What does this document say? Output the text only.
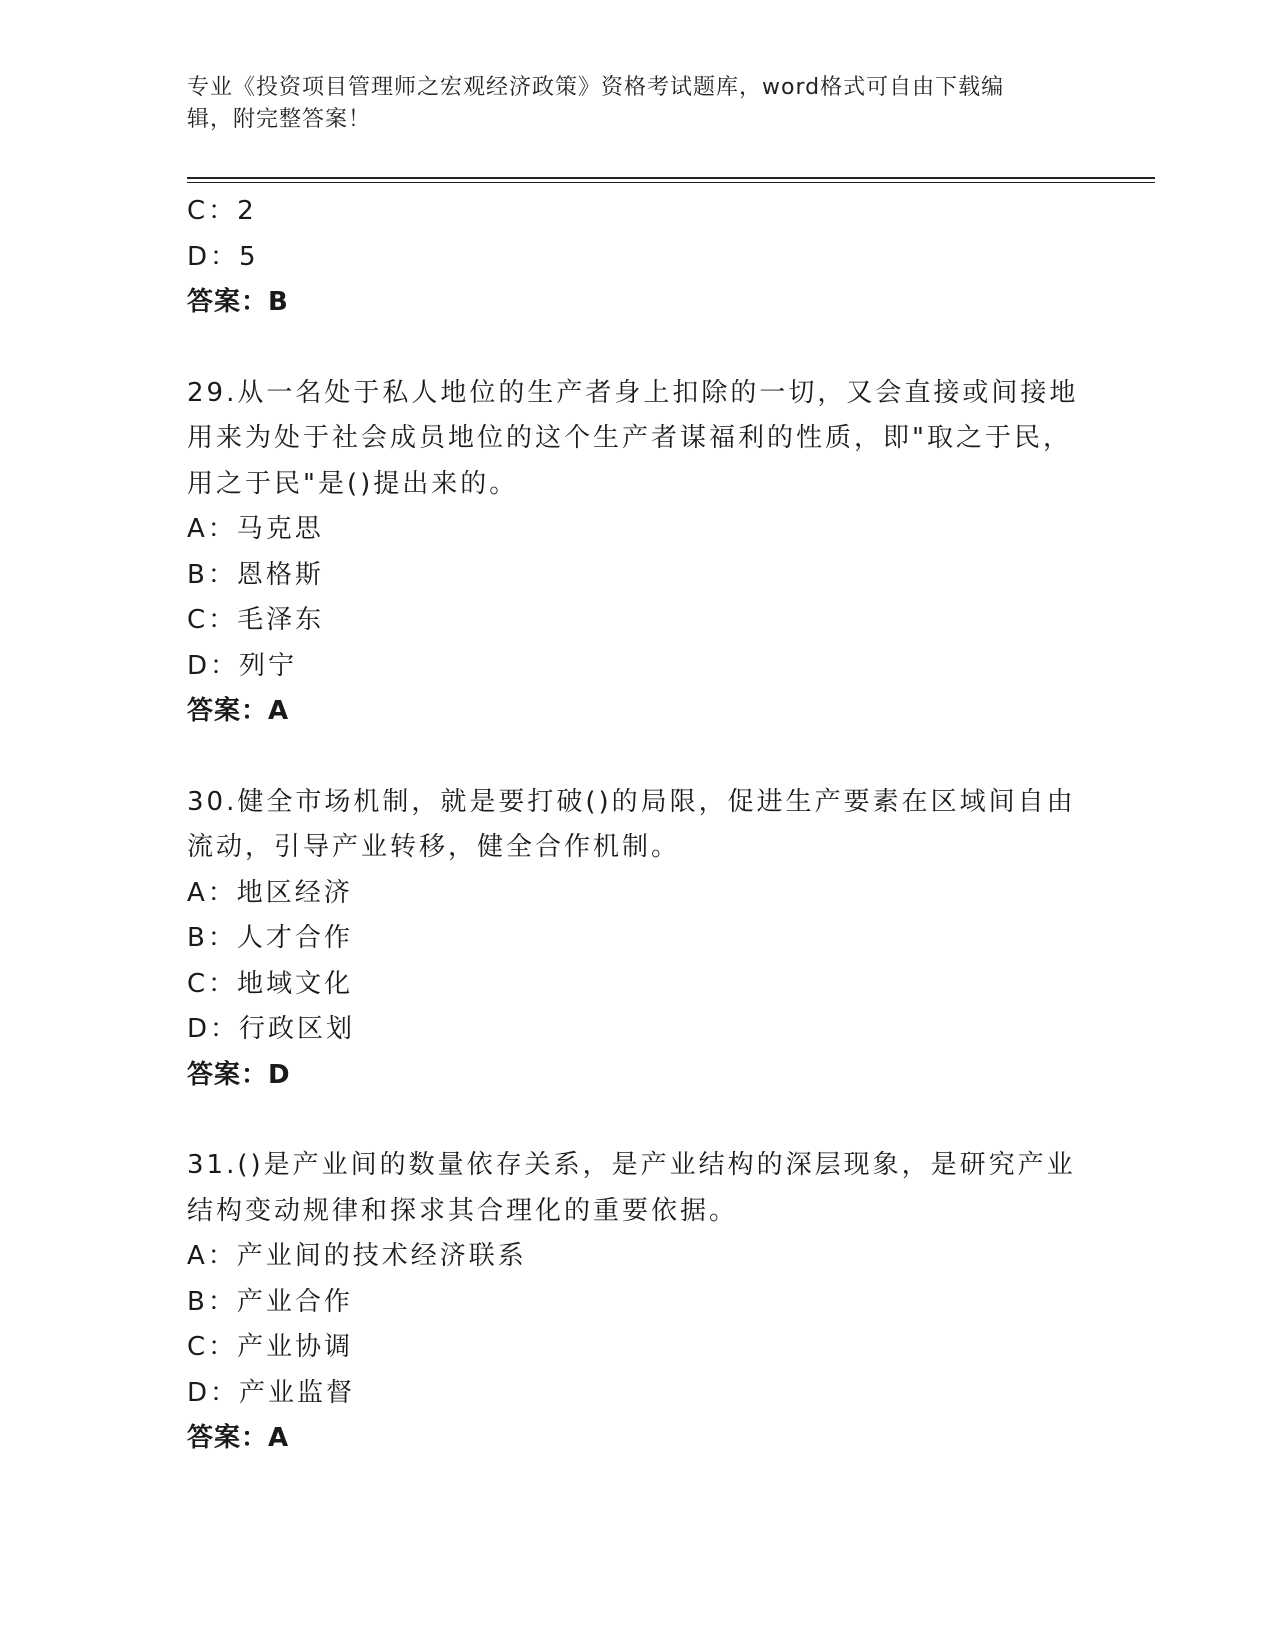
专业《投资项目管理师之宏观经济政策》资格考试题库，word格式可自由下载编
辑，附完整答案！

C：2

D：5

答案：B

29.从一名处于私人地位的生产者身上扣除的一切，又会直接或间接地

用来为处于社会成员地位的这个生产者谋福利的性质，即"取之于民，

用之于民"是()提出来的。

A：马克思

B：恩格斯

C：毛泽东

D：列宁

答案：A

30.健全市场机制，就是要打破()的局限，促进生产要素在区域间自由

流动，引导产业转移，健全合作机制。

A：地区经济

B：人才合作

C：地域文化

D：行政区划

答案：D

31.()是产业间的数量依存关系，是产业结构的深层现象，是研究产业

结构变动规律和探求其合理化的重要依据。

A：产业间的技术经济联系

B：产业合作

C：产业协调

D：产业监督

答案：A
